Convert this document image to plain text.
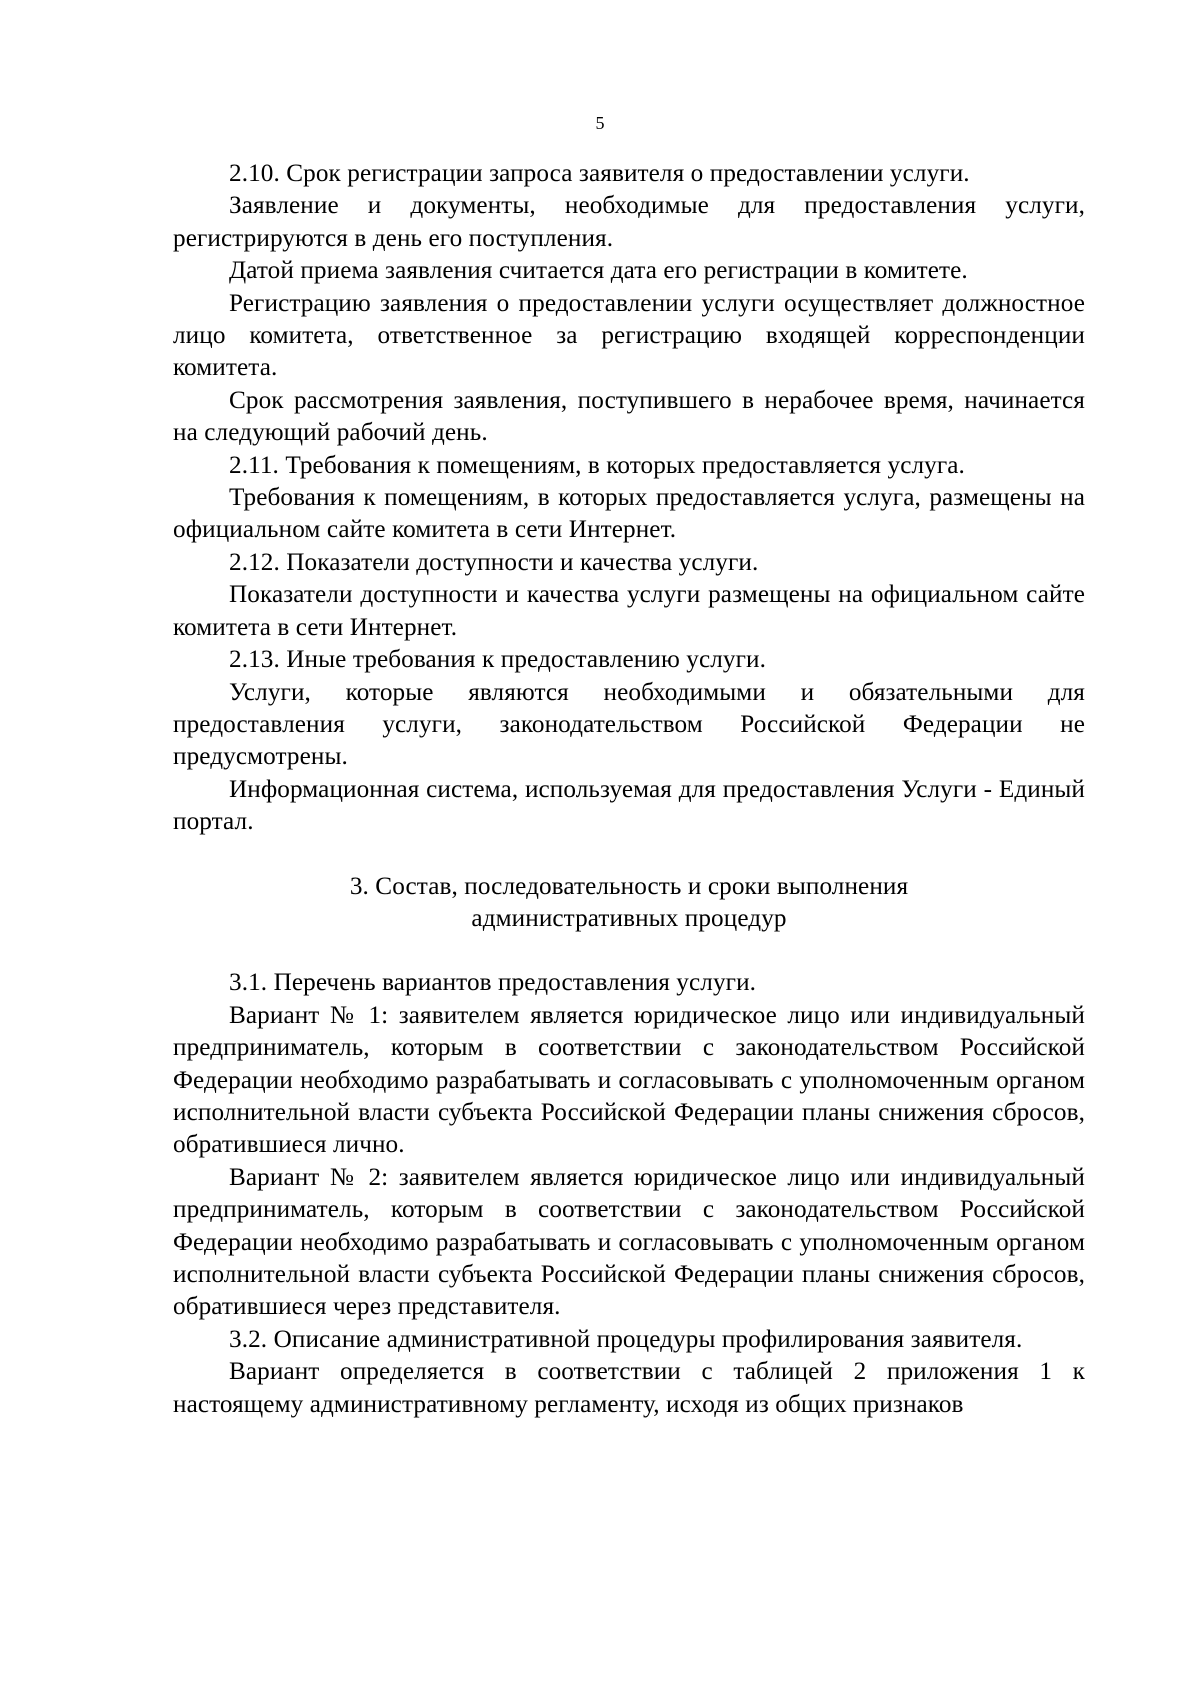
5

2.10. Срок регистрации запроса заявителя о предоставлении услуги.

Заявление и документы, необходимые для предоставления услуги, регистрируются в день его поступления.

Датой приема заявления считается дата его регистрации в комитете.

Регистрацию заявления о предоставлении услуги осуществляет должностное лицо комитета, ответственное за регистрацию входящей корреспонденции комитета.

Срок рассмотрения заявления, поступившего в нерабочее время, начинается на следующий рабочий день.

2.11. Требования к помещениям, в которых предоставляется услуга.

Требования к помещениям, в которых предоставляется услуга, размещены на официальном сайте комитета в сети Интернет.

2.12. Показатели доступности и качества услуги.

Показатели доступности и качества услуги размещены на официальном сайте комитета в сети Интернет.

2.13. Иные требования к предоставлению услуги.

Услуги, которые являются необходимыми и обязательными для предоставления услуги, законодательством Российской Федерации не предусмотрены.

Информационная система, используемая для предоставления Услуги - Единый портал.

3. Состав, последовательность и сроки выполнения
административных процедур

3.1. Перечень вариантов предоставления услуги.

Вариант № 1: заявителем является юридическое лицо или индивидуальный предприниматель, которым в соответствии с законодательством Российской Федерации необходимо разрабатывать и согласовывать с уполномоченным органом исполнительной власти субъекта Российской Федерации планы снижения сбросов, обратившиеся лично.

Вариант № 2: заявителем является юридическое лицо или индивидуальный предприниматель, которым в соответствии с законодательством Российской Федерации необходимо разрабатывать и согласовывать с уполномоченным органом исполнительной власти субъекта Российской Федерации планы снижения сбросов, обратившиеся через представителя.

3.2. Описание административной процедуры профилирования заявителя.

Вариант определяется в соответствии с таблицей 2 приложения 1 к настоящему административному регламенту, исходя из общих признаков
